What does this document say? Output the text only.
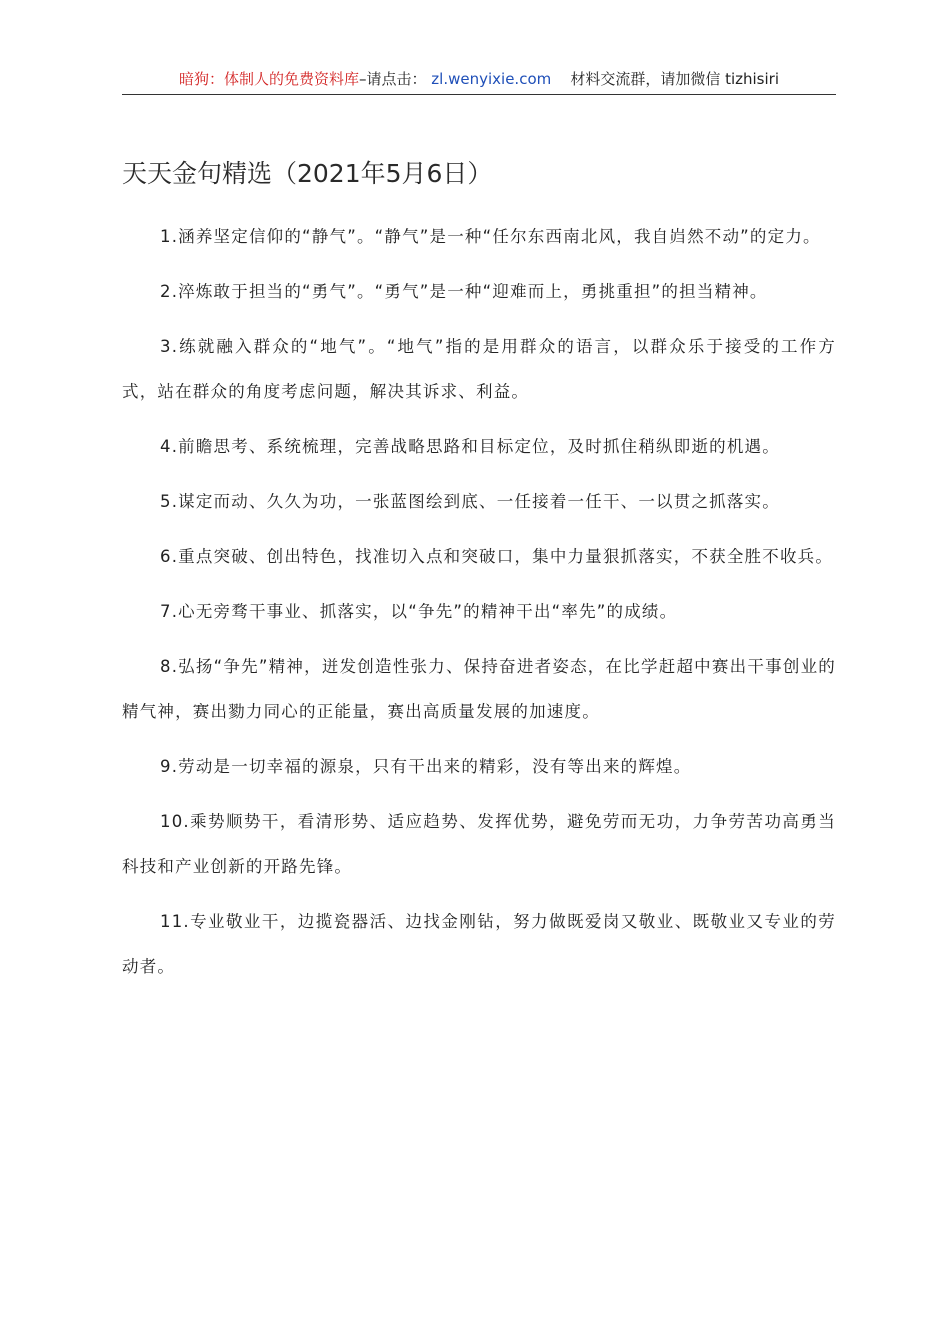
暗狗：体制人的免费资料库–请点击： zl.wenyixie.com 材料交流群，请加微信 tizhisiri
天天金句精选（2021年5月6日）
1.涵养坚定信仰的“静气”。“静气”是一种“任尔东西南北风，我自岿然不动”的定力。
2.淬炼敢于担当的“勇气”。“勇气”是一种“迎难而上，勇挑重担”的担当精神。
3.练就融入群众的“地气”。“地气”指的是用群众的语言，以群众乐于接受的工作方式，站在群众的角度考虑问题，解决其诉求、利益。
4.前瞻思考、系统梳理，完善战略思路和目标定位，及时抓住稍纵即逝的机遇。
5.谋定而动、久久为功，一张蓝图绘到底、一任接着一任干、一以贯之抓落实。
6.重点突破、创出特色，找准切入点和突破口，集中力量狠抓落实，不获全胜不收兵。
7.心无旁骛干事业、抓落实，以“争先”的精神干出“率先”的成绩。
8.弘扬“争先”精神，迸发创造性张力、保持奋进者姿态，在比学赶超中赛出干事创业的精气神，赛出勠力同心的正能量，赛出高质量发展的加速度。
9.劳动是一切幸福的源泉，只有干出来的精彩，没有等出来的辉煌。
10.乘势顺势干，看清形势、适应趋势、发挥优势，避免劳而无功，力争劳苦功高勇当科技和产业创新的开路先锋。
11.专业敬业干，边揽瓷器活、边找金刚钻，努力做既爱岗又敬业、既敬业又专业的劳动者。
